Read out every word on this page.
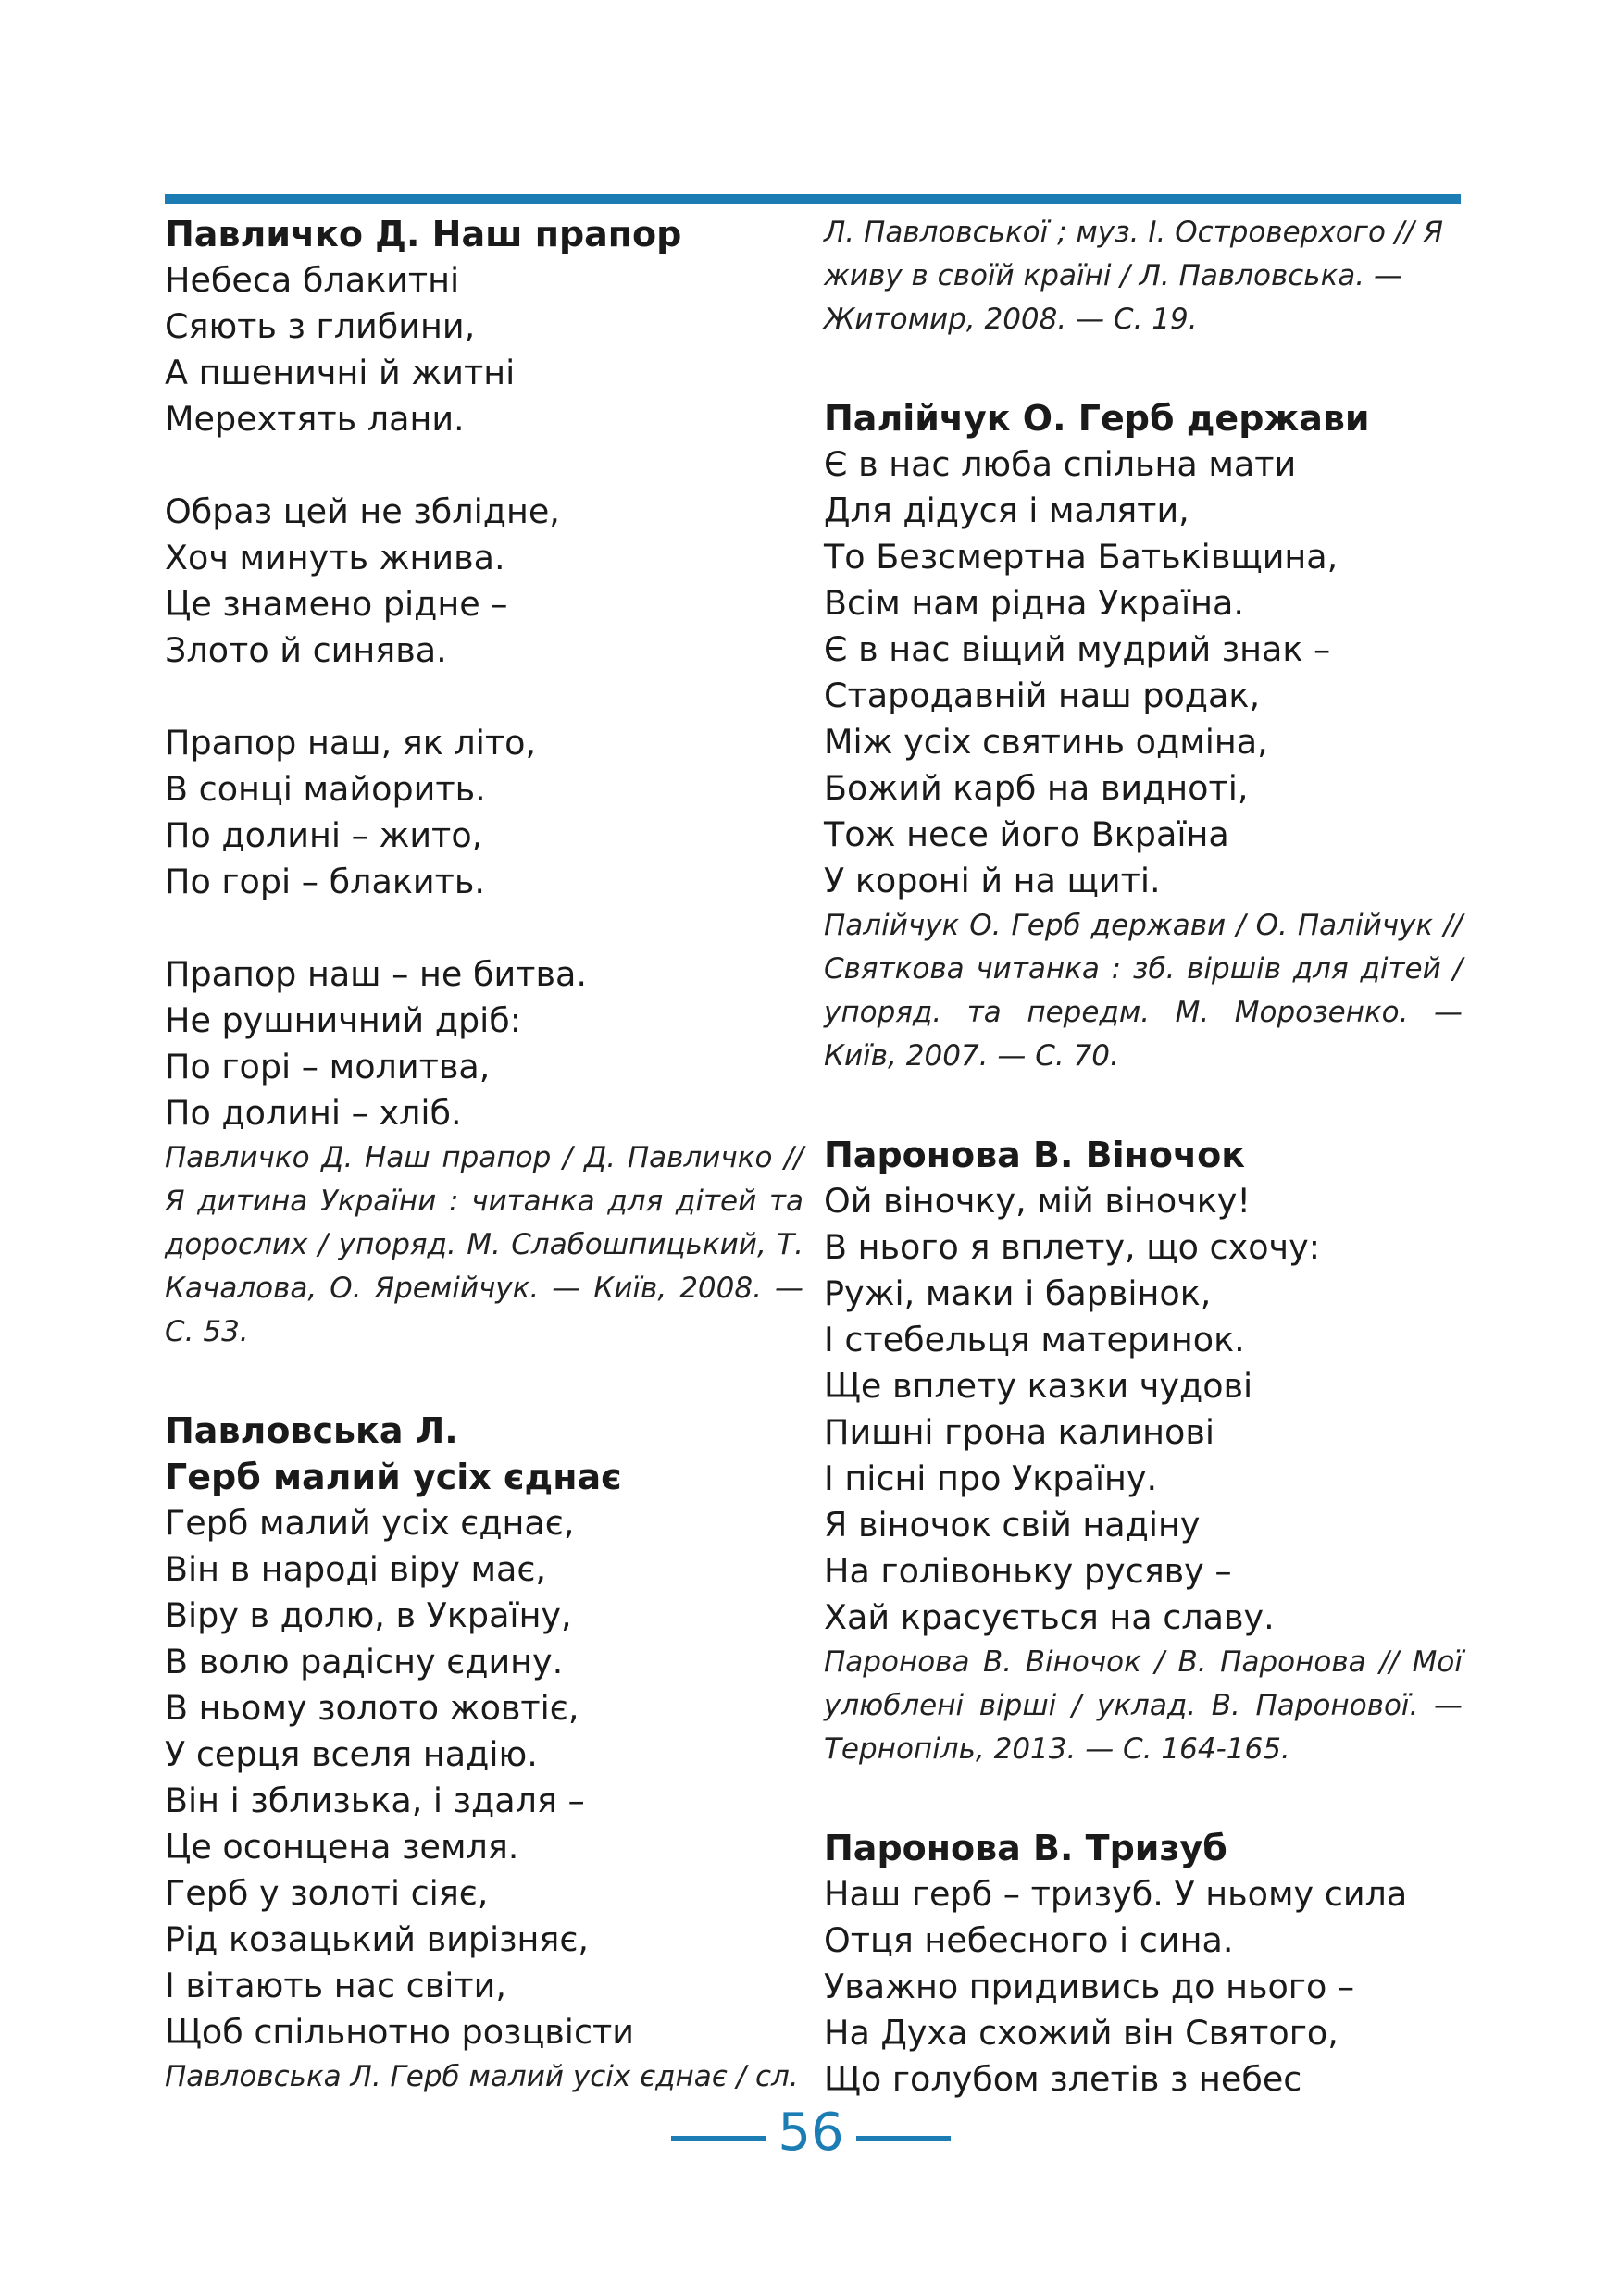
Павличко Д. Наш прапор

Небеса блакитні

Сяють з глибини,

А пшеничні й житні

Мерехтять лани.

Образ цей не зблідне,

Хоч минуть жнива.

Це знамено рідне –

Злото й синява.

Прапор наш, як літо,

В сонці майорить.

По долині – жито,

По горі – блакить.

Прапор наш – не битва.

Не рушничний дріб:

По горі – молитва,

По долині – хліб.

Павличко Д. Наш прапор / Д. Павличко // Я дитина України : читанка для дітей та дорослих / упоряд. М. Слабошпицький, Т. Качалова, О. Яремійчук. — Київ, 2008. — С. 53.

Павловська Л.

Герб малий усіх єднає

Герб малий усіх єднає,

Він в народі віру має,

Віру в долю, в Україну,

В волю радісну єдину.

В ньому золото жовтіє,

У серця вселя надію.

Він і зблизька, і здаля –

Це осонцена земля.

Герб у золоті сіяє,

Рід козацький вирізняє,

І вітають нас світи,

Щоб спільнотно розцвісти

Павловська Л. Герб малий усіх єднає / сл.

Л. Павловської ; муз. І. Островерхого // Я живу в своїй країні / Л. Павловська. — Житомир, 2008. — С. 19.

Палійчук О. Герб держави

Є в нас люба спільна мати

Для дідуся і маляти,

То Безсмертна Батьківщина,

Всім нам рідна Україна.

Є в нас віщий мудрий знак –

Стародавній наш родак,

Між усіх святинь одміна,

Божий карб на видноті,

Тож несе його Вкраїна

У короні й на щиті.

Палійчук О. Герб держави / О. Палійчук // Святкова читанка : зб. віршів для дітей / упоряд. та передм. М. Морозенко. — Київ, 2007. — С. 70.

Паронова В. Віночок

Ой віночку, мій віночку!

В нього я вплету, що схочу:

Ружі, маки і барвінок,

І стебельця материнок.

Ще вплету казки чудові

Пишні грона калинові

І пісні про Україну.

Я віночок свій надіну

На голівоньку русяву –

Хай красується на славу.

Паронова В. Віночок / В. Паронова // Мої улюблені вірші / уклад. В. Паронової. — Тернопіль, 2013. — С. 164-165.

Паронова В. Тризуб

Наш герб – тризуб. У ньому сила

Отця небесного і сина.

Уважно придивись до нього –

На Духа схожий він Святого,

Що голубом злетів з небес

56
